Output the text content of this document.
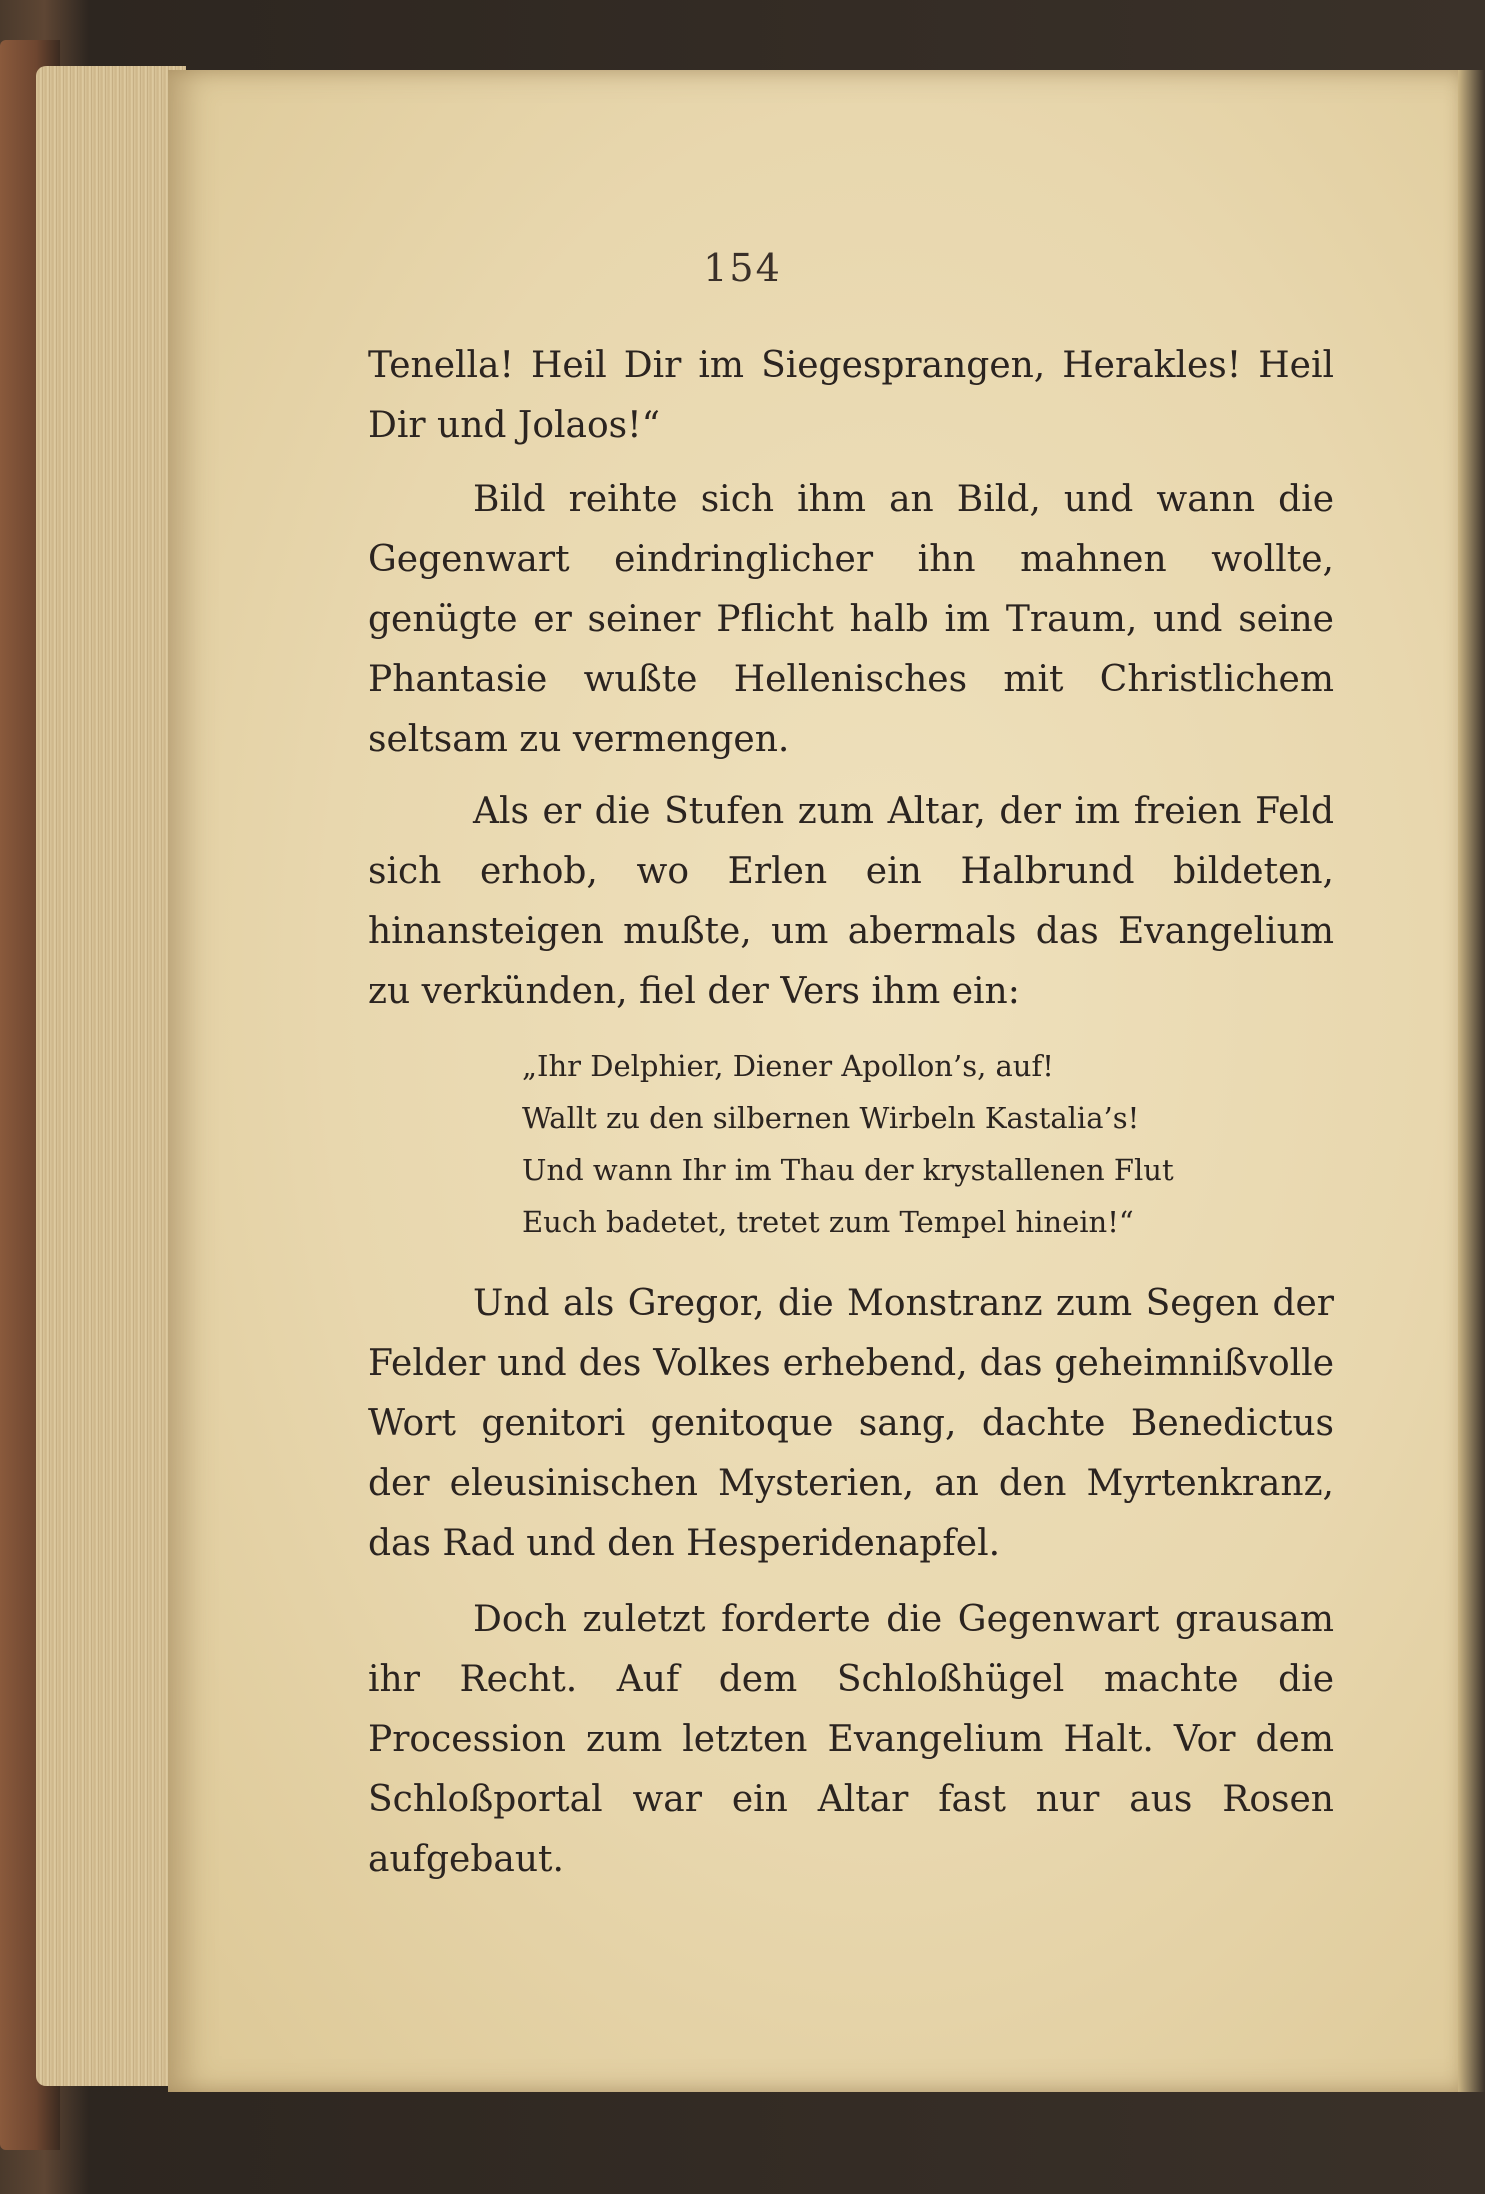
154
Tenella! Heil Dir im Siegesprangen, Herakles! Heil Dir und Jolaos!“
Bild reihte sich ihm an Bild, und wann die Gegenwart eindringlicher ihn mahnen wollte, genügte er seiner Pflicht halb im Traum, und seine Phantasie wußte Hellenisches mit Christlichem seltsam zu vermengen.
Als er die Stufen zum Altar, der im freien Feld sich erhob, wo Erlen ein Halbrund bildeten, hinansteigen mußte, um abermals das Evangelium zu verkünden, fiel der Vers ihm ein:
„Ihr Delphier, Diener Apollon’s, auf!
Wallt zu den silbernen Wirbeln Kastalia’s!
Und wann Ihr im Thau der krystallenen Flut
Euch badetet, tretet zum Tempel hinein!“
Und als Gregor, die Monstranz zum Segen der Felder und des Volkes erhebend, das geheimnißvolle Wort genitori genitoque sang, dachte Benedictus der eleusinischen Mysterien, an den Myrtenkranz, das Rad und den Hesperidenapfel.
Doch zuletzt forderte die Gegenwart grausam ihr Recht. Auf dem Schloßhügel machte die Procession zum letzten Evangelium Halt. Vor dem Schloßportal war ein Altar fast nur aus Rosen aufgebaut.
